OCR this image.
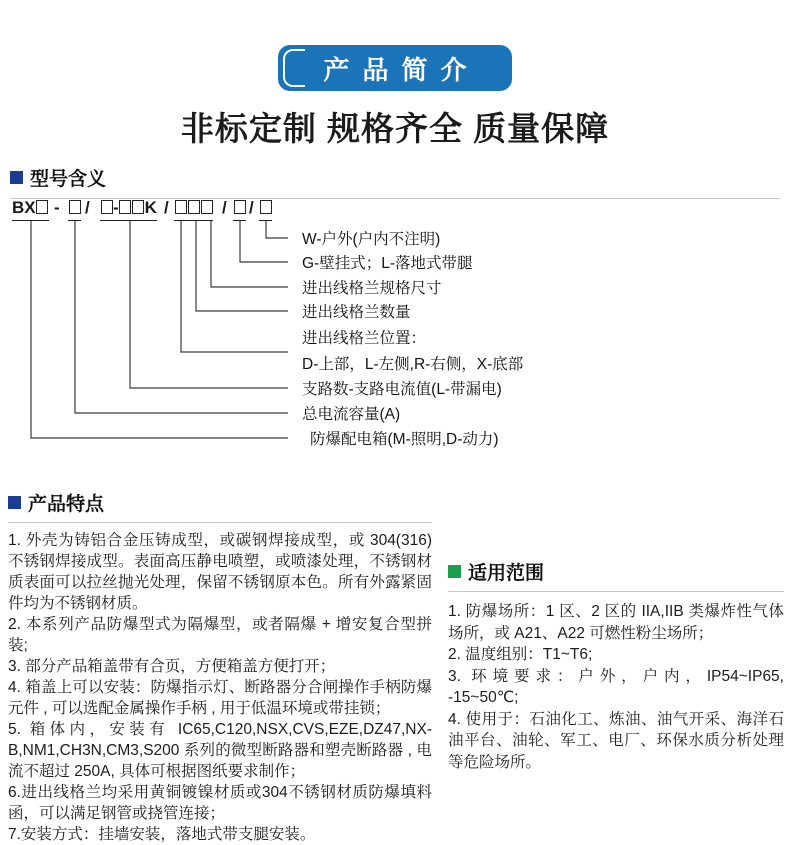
产品简介
非标定制 规格齐全 质量保障
型号含义
BX	- /	- K /	/ /
W-户外(户内不注明)
G-壁挂式；L-落地式带腿
进出线格兰规格尺寸
进出线格兰数量
进出线格兰位置：
D-上部，L-左侧,R-右侧，X-底部
支路数-支路电流值(L-带漏电)
总电流容量(A)
防爆配电箱(M-照明,D-动力)
产品特点

1. 外壳为铸铝合金压铸成型，或碳钢焊接成型，或 304(316) 不锈钢焊接成型。表面高压静电喷塑，或喷漆处理，不锈钢材质表面可以拉丝抛光处理，保留不锈钢原本色。所有外露紧固件均为不锈钢材质。

2. 本系列产品防爆型式为隔爆型，或者隔爆 + 增安复合型拼装;

3. 部分产品箱盖带有合页，方便箱盖方便打开；

4. 箱盖上可以安装：防爆指示灯、断路器分合闸操作手柄防爆元件 , 可以选配金属操作手柄 , 用于低温环境或带挂锁；

5. 箱体内，安装有 IC65,C120,NSX,CVS,EZE,DZ47,NX-B,NM1,CH3N,CM3,S200 系列的微型断路器和塑壳断路器 , 电流不超过 250A, 具体可根据图纸要求制作；

6.进出线格兰均采用黄铜镀镍材质或304不锈钢材质防爆填料函，可以满足钢管或挠管连接；

7.安装方式：挂墙安装，落地式带支腿安装。

适用范围

1. 防爆场所：1 区、2 区的 IIA,IIB 类爆炸性气体场所，或 A21、A22 可燃性粉尘场所；

2. 温度组别：T1~T6;

3. 环境要求：户外，户内，IP54~IP65, -15~50℃;

4. 使用于：石油化工、炼油、油气开采、海洋石油平台、油轮、军工、电厂、环保水质分析处理等危险场所。
